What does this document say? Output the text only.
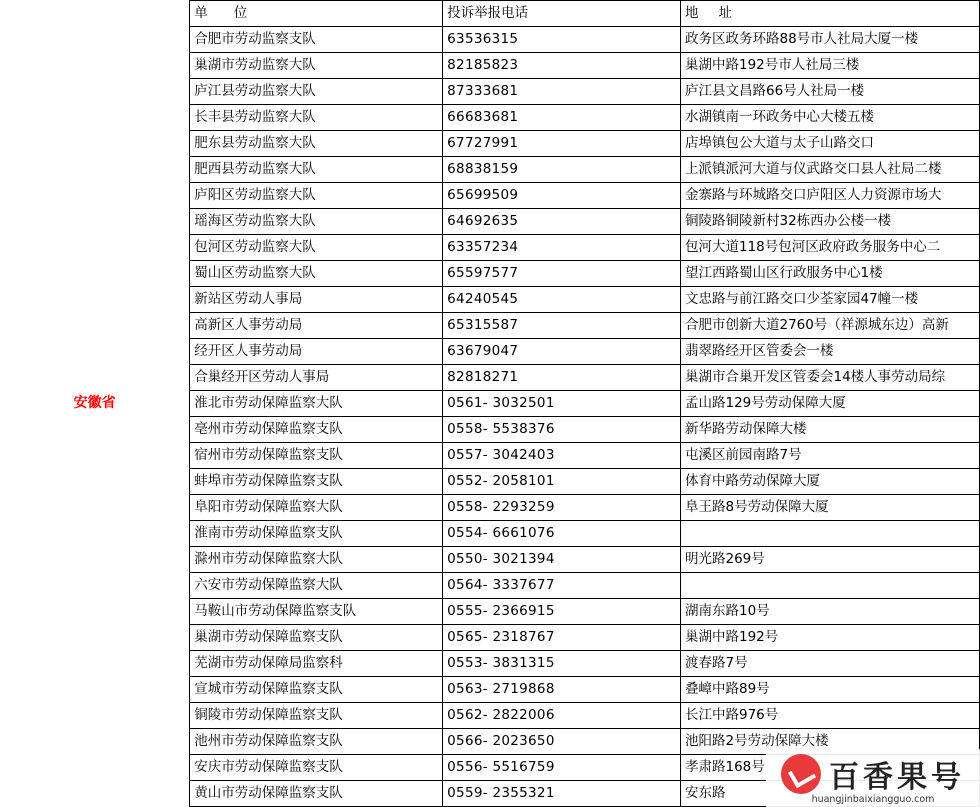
安徽省	单位	投诉举报电话	地址
	合肥市劳动监察支队	63536315	政务区政务环路88号市人社局大厦一楼
	巢湖市劳动监察大队	82185823	巢湖中路192号市人社局三楼
	庐江县劳动监察大队	87333681	庐江县文昌路66号人社局一楼
	长丰县劳动监察大队	66683681	水湖镇南一环政务中心大楼五楼
	肥东县劳动监察大队	67727991	店埠镇包公大道与太子山路交口
	肥西县劳动监察大队	68838159	上派镇派河大道与仪武路交口县人社局二楼
	庐阳区劳动监察大队	65699509	金寨路与环城路交口庐阳区人力资源市场大
	瑶海区劳动监察大队	64692635	铜陵路铜陵新村32栋西办公楼一楼
	包河区劳动监察大队	63357234	包河大道118号包河区政府政务服务中心二
	蜀山区劳动监察大队	65597577	望江西路蜀山区行政服务中心1楼
	新站区劳动人事局	64240545	文忠路与前江路交口少荃家园47幢一楼
	高新区人事劳动局	65315587	合肥市创新大道2760号（祥源城东边）高新
	经开区人事劳动局	63679047	翡翠路经开区管委会一楼
	合巢经开区劳动人事局	82818271	巢湖市合巢开发区管委会14楼人事劳动局综
	淮北市劳动保障监察大队	0561- 3032501	孟山路129号劳动保障大厦
	亳州市劳动保障监察支队	0558- 5538376	新华路劳动保障大楼
	宿州市劳动保障监察支队	0557- 3042403	屯溪区前园南路7号
	蚌埠市劳动保障监察支队	0552- 2058101	体育中路劳动保障大厦
	阜阳市劳动保障监察大队	0558- 2293259	阜王路8号劳动保障大厦
	淮南市劳动保障监察支队	0554- 6661076	
	滁州市劳动保障监察大队	0550- 3021394	明光路269号
	六安市劳动保障监察大队	0564- 3337677	
	马鞍山市劳动保障监察支队	0555- 2366915	湖南东路10号
	巢湖市劳动保障监察支队	0565- 2318767	巢湖中路192号
	芜湖市劳动保障局监察科	0553- 3831315	渡春路7号
	宣城市劳动保障监察支队	0563- 2719868	叠嶂中路89号
	铜陵市劳动保障监察支队	0562- 2822006	长江中路976号
	池州市劳动保障监察支队	0566- 2023650	池阳路2号劳动保障大楼
	安庆市劳动保障监察支队	0556- 5516759	孝肃路168号
	黄山市劳动保障监察支队	0559- 2355321	安东路	百香果号
huangjinbaixiangguo.com
